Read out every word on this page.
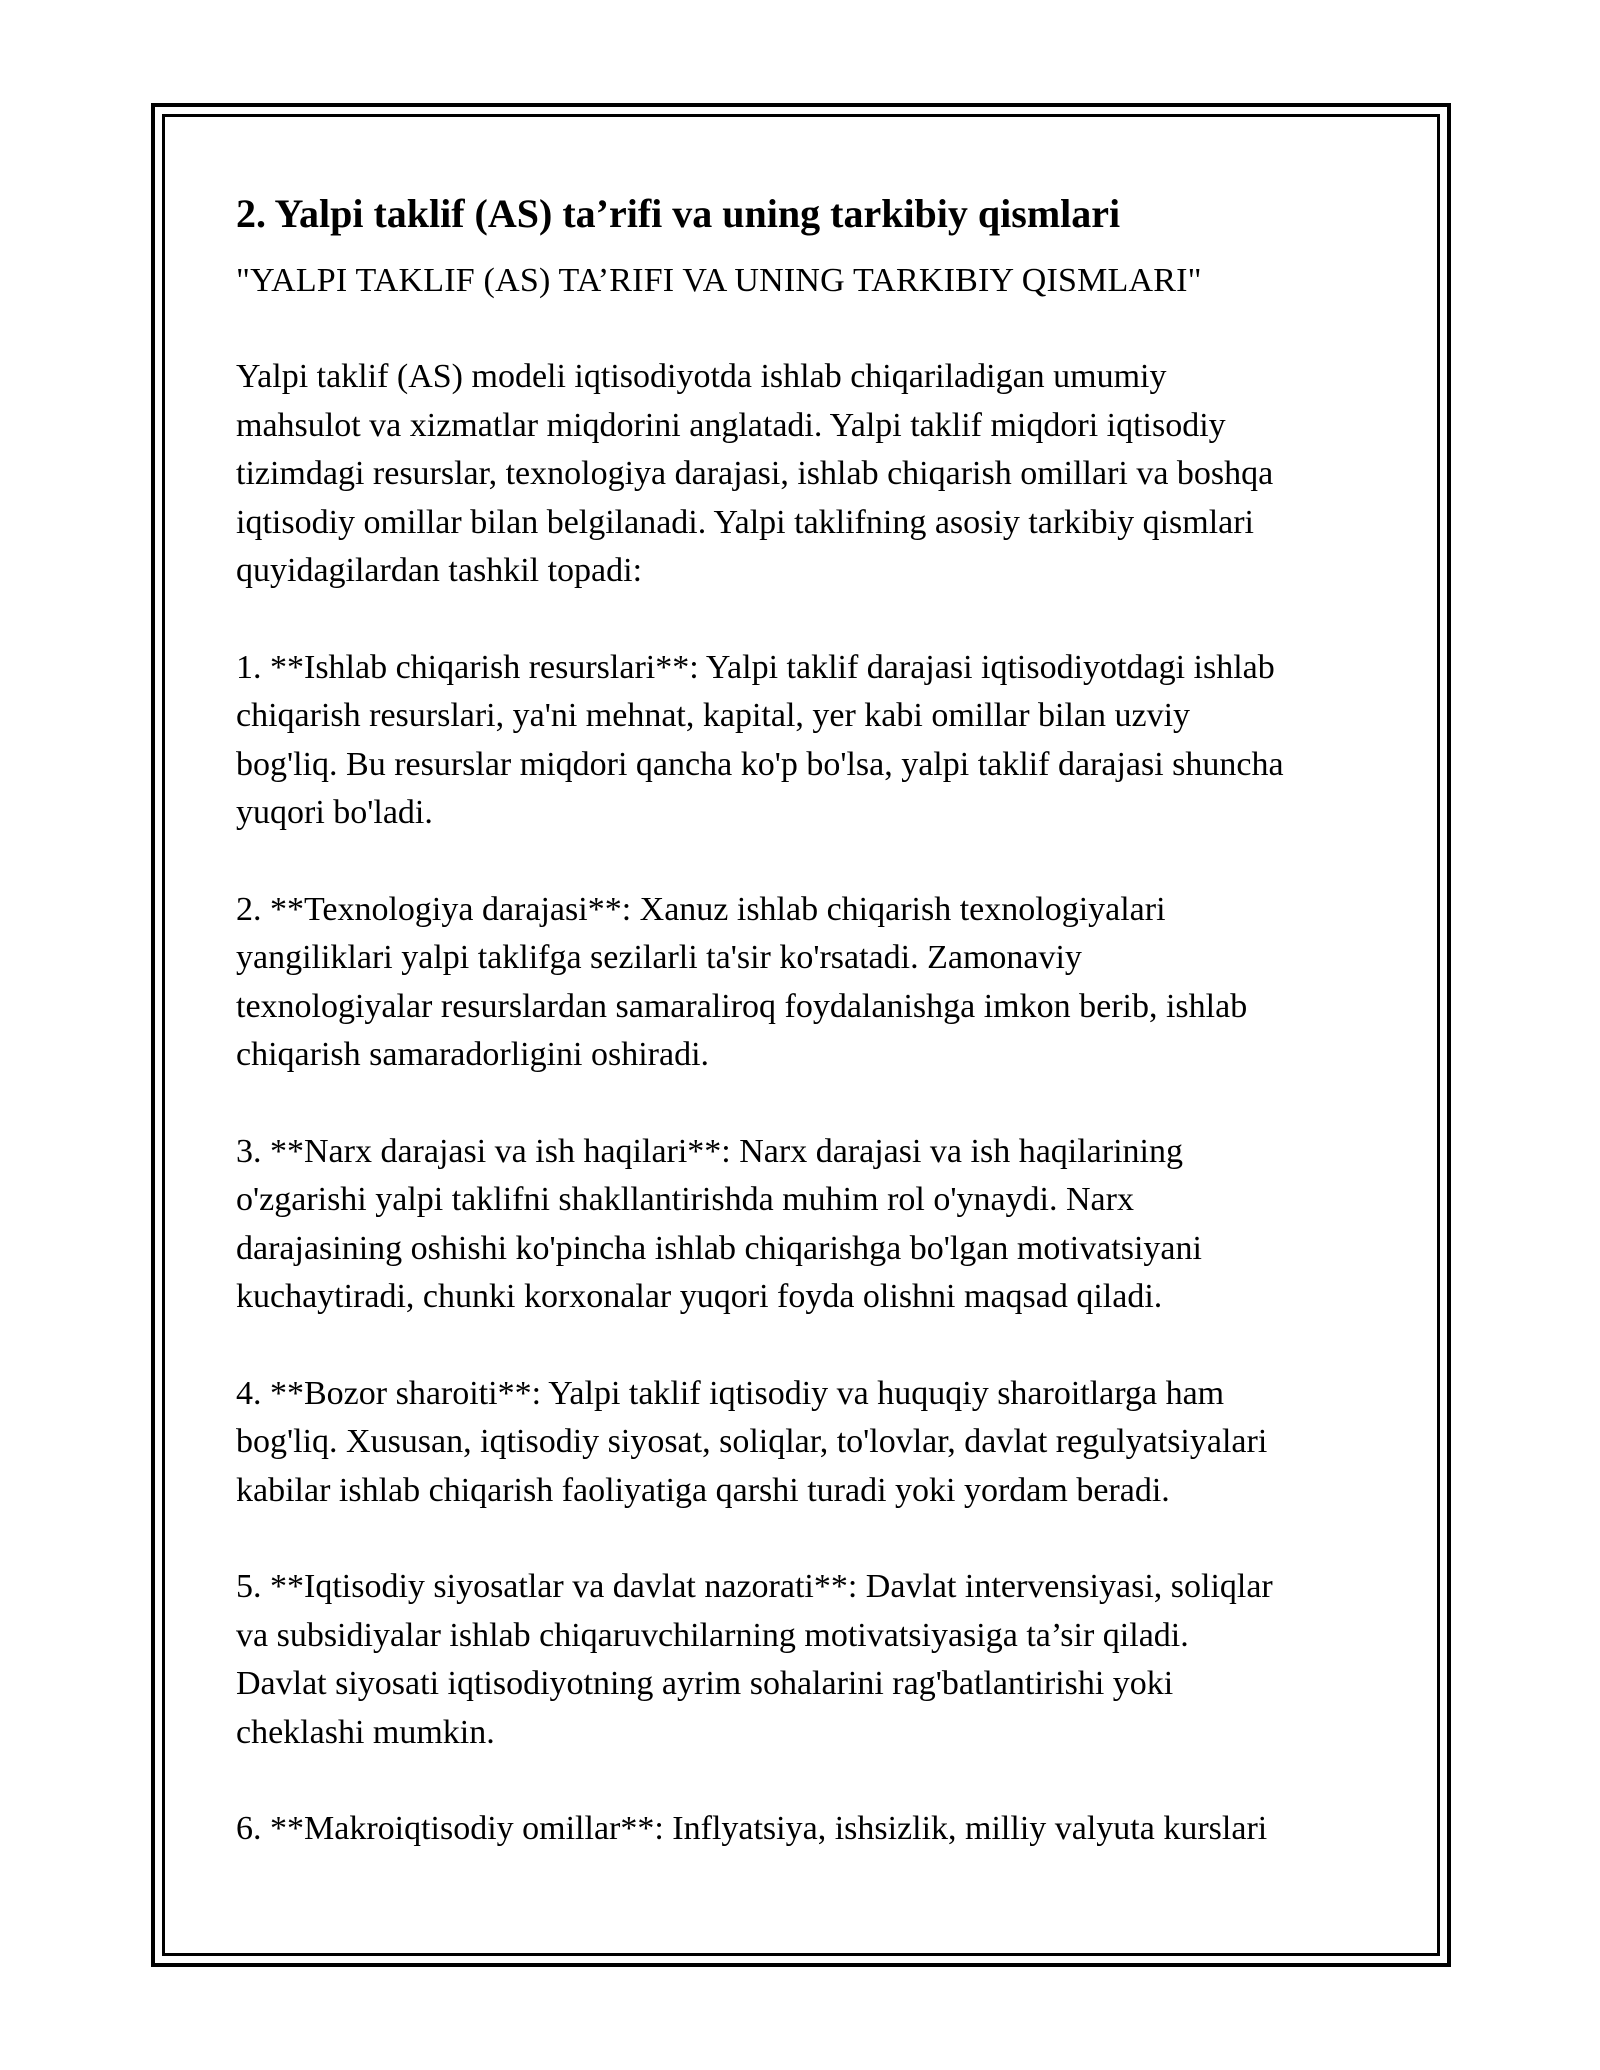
2. Yalpi taklif (AS) ta’rifi va uning tarkibiy qismlari

"YALPI TAKLIF (AS) TA’RIFI VA UNING TARKIBIY QISMLARI"

Yalpi taklif (AS) modeli iqtisodiyotda ishlab chiqariladigan umumiy
mahsulot va xizmatlar miqdorini anglatadi. Yalpi taklif miqdori iqtisodiy
tizimdagi resurslar, texnologiya darajasi, ishlab chiqarish omillari va boshqa
iqtisodiy omillar bilan belgilanadi. Yalpi taklifning asosiy tarkibiy qismlari
quyidagilardan tashkil topadi:

1. **Ishlab chiqarish resurslari**: Yalpi taklif darajasi iqtisodiyotdagi ishlab
chiqarish resurslari, ya'ni mehnat, kapital, yer kabi omillar bilan uzviy
bog'liq. Bu resurslar miqdori qancha ko'p bo'lsa, yalpi taklif darajasi shuncha
yuqori bo'ladi.

2. **Texnologiya darajasi**: Xanuz ishlab chiqarish texnologiyalari
yangiliklari yalpi taklifga sezilarli ta'sir ko'rsatadi. Zamonaviy
texnologiyalar resurslardan samaraliroq foydalanishga imkon berib, ishlab
chiqarish samaradorligini oshiradi.

3. **Narx darajasi va ish haqilari**: Narx darajasi va ish haqilarining
o'zgarishi yalpi taklifni shakllantirishda muhim rol o'ynaydi. Narx
darajasining oshishi ko'pincha ishlab chiqarishga bo'lgan motivatsiyani
kuchaytiradi, chunki korxonalar yuqori foyda olishni maqsad qiladi.

4. **Bozor sharoiti**: Yalpi taklif iqtisodiy va huquqiy sharoitlarga ham
bog'liq. Xususan, iqtisodiy siyosat, soliqlar, to'lovlar, davlat regulyatsiyalari
kabilar ishlab chiqarish faoliyatiga qarshi turadi yoki yordam beradi.

5. **Iqtisodiy siyosatlar va davlat nazorati**: Davlat intervensiyasi, soliqlar
va subsidiyalar ishlab chiqaruvchilarning motivatsiyasiga ta’sir qiladi.
Davlat siyosati iqtisodiyotning ayrim sohalarini rag'batlantirishi yoki
cheklashi mumkin.

6. **Makroiqtisodiy omillar**: Inflyatsiya, ishsizlik, milliy valyuta kurslari
